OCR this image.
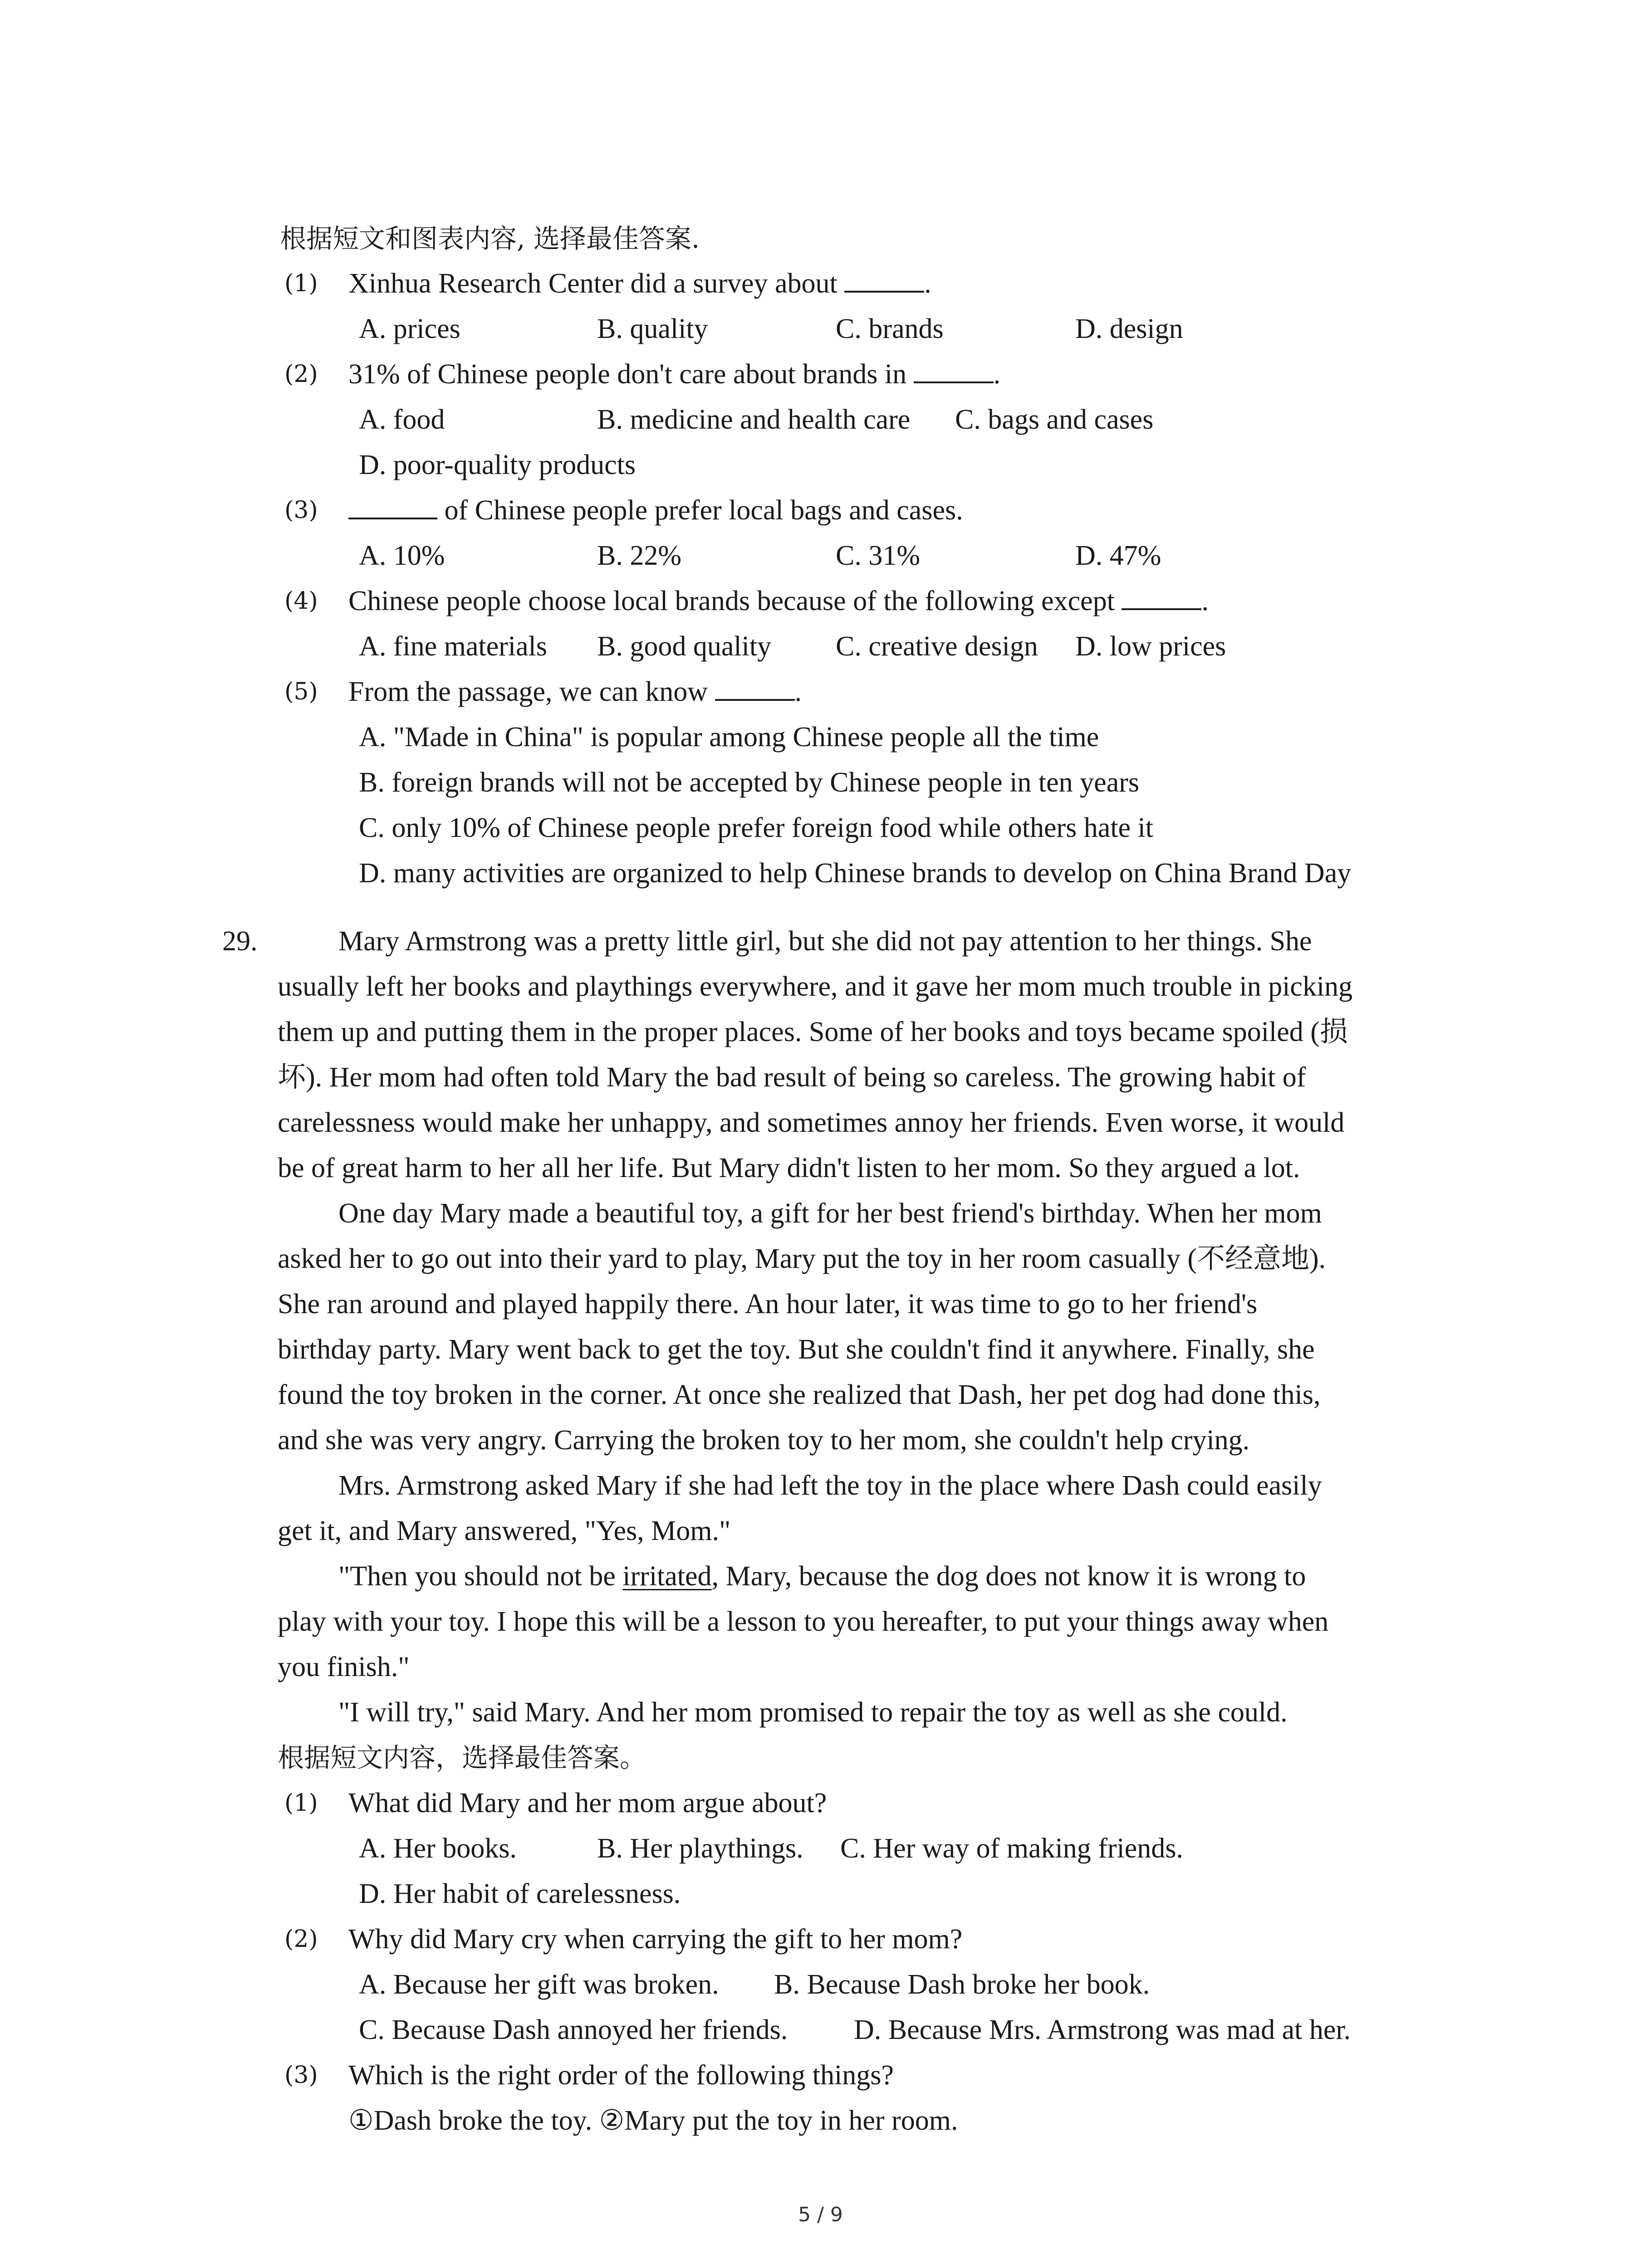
根据短文和图表内容, 选择最佳答案.
(1) Xinhua Research Center did a survey about	.
A. prices	B. quality	C. brands	D. design
(2) 31% of Chinese people don't care about brands in	.
A. food	B. medicine and health care C. bags and cases
D. poor-quality products
(3)	of Chinese people prefer local bags and cases.
A. 10%	B. 22%	C. 31%	D. 47%
(4) Chinese people choose local brands because of the following except	.
A. fine materials B. good quality C. creative design D. low prices
(5) From the passage, we can know	.
A. "Made in China" is popular among Chinese people all the time
B. foreign brands will not be accepted by Chinese people in ten years
C. only 10% of Chinese people prefer foreign food while others hate it
D. many activities are organized to help Chinese brands to develop on China Brand Day
29.	Mary Armstrong was a pretty little girl, but she did not pay attention to her things. She
usually left her books and playthings everywhere, and it gave her mom much trouble in picking
them up and putting them in the proper places. Some of her books and toys became spoiled (损
坏). Her mom had often told Mary the bad result of being so careless. The growing habit of
carelessness would make her unhappy, and sometimes annoy her friends. Even worse, it would
be of great harm to her all her life. But Mary didn't listen to her mom. So they argued a lot.
One day Mary made a beautiful toy, a gift for her best friend's birthday. When her mom
asked her to go out into their yard to play, Mary put the toy in her room casually (不经意地).
She ran around and played happily there. An hour later, it was time to go to her friend's
birthday party. Mary went back to get the toy. But she couldn't find it anywhere. Finally, she
found the toy broken in the corner. At once she realized that Dash, her pet dog had done this,
and she was very angry. Carrying the broken toy to her mom, she couldn't help crying.
Mrs. Armstrong asked Mary if she had left the toy in the place where Dash could easily
get it, and Mary answered, "Yes, Mom."
"Then you should not be irritated, Mary, because the dog does not know it is wrong to
play with your toy. I hope this will be a lesson to you hereafter, to put your things away when
you finish."
"I will try," said Mary. And her mom promised to repair the toy as well as she could.
根据短文内容，选择最佳答案。
(1) What did Mary and her mom argue about?
A. Her books.	B. Her playthings. C. Her way of making friends.
D. Her habit of carelessness.
(2) Why did Mary cry when carrying the gift to her mom?
A. Because her gift was broken. B. Because Dash broke her book.
C. Because Dash annoyed her friends. D. Because Mrs. Armstrong was mad at her.
(3) Which is the right order of the following things?
①Dash broke the toy. ②Mary put the toy in her room.
5 / 9
